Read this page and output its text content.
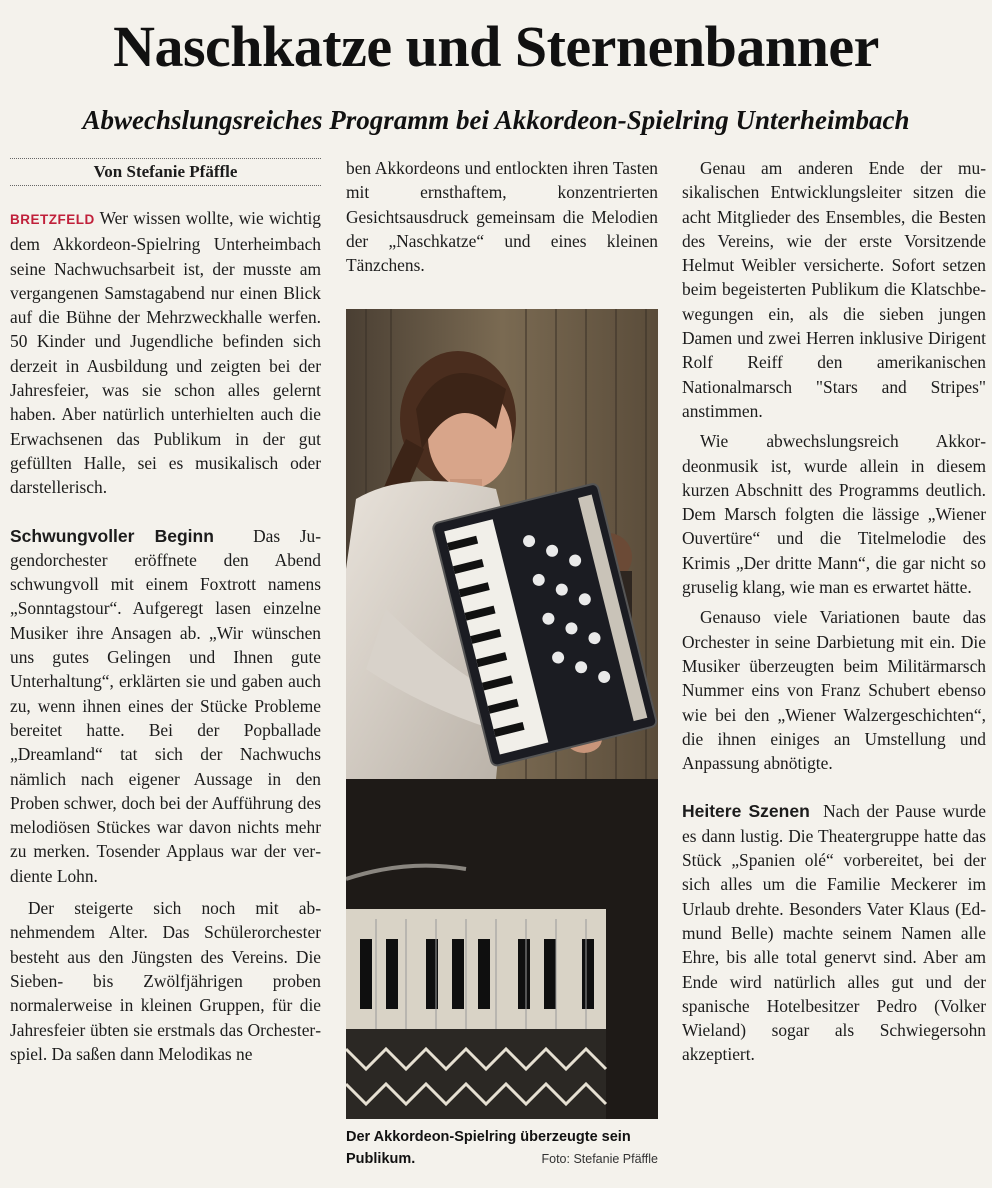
Naschkatze und Sternenbanner
Abwechslungsreiches Programm bei Akkordeon-Spielring Unterheimbach
Von Stefanie Pfäffle

BRETZFELD Wer wissen wollte, wie wichtig dem Akkordeon-Spielring Unterheimbach seine Nachwuchsarbeit ist, der musste am vergangenen Samstagabend nur einen Blick auf die Bühne der Mehrzweckhalle werfen. 50 Kinder und Jugendliche befinden sich derzeit in Ausbildung und zeigten bei der Jahresfeier, was sie schon alles gelernt haben. Aber natürlich unterhielten auch die Erwachsenen das Publikum in der gut gefüllten Halle, sei es musikalisch oder darstellerisch.

Schwungvoller Beginn Das Jugendorchester eröffnete den Abend schwungvoll mit einem Foxtrott namens „Sonntagstour“. Aufgeregt lasen einzelne Musiker ihre Ansagen ab. „Wir wünschen uns gutes Gelingen und Ihnen gute Unterhaltung“, erklärten sie und gaben auch zu, wenn ihnen eines der Stücke Probleme bereitet hatte. Bei der Popballade „Dreamland“ tat sich der Nachwuchs nämlich nach eigener Aussage in den Proben schwer, doch bei der Aufführung des melodiösen Stückes war davon nichts mehr zu merken. Tosender Applaus war der verdiente Lohn.

Der steigerte sich noch mit abnehmendem Alter. Das Schülerorchester besteht aus den Jüngsten des Vereins. Die Sieben- bis Zwölfjährigen proben normalerweise in kleinen Gruppen, für die Jahresfeier übten sie erstmals das Orchesterspiel. Da saßen dann Melodikas ne

ben Akkordeons und entlockten ihren Tasten mit ernsthaftem, konzentrierten Gesichtsausdruck gemeinsam die Melodien der „Naschkatze“ und eines kleinen Tänzchens.

Der Akkordeon-Spielring überzeugte sein Publikum.	Foto: Stefanie Pfäffle

Genau am anderen Ende der musikalischen Entwicklungsleiter sitzen die acht Mitglieder des Ensembles, die Besten des Vereins, wie der erste Vorsitzende Helmut Weibler versicherte. Sofort setzen beim begeisterten Publikum die Klatschbewegungen ein, als die sieben jungen Damen und zwei Herren inklusive Dirigent Rolf Reiff den amerikanischen Nationalmarsch "Stars and Stripes" anstimmen.

Wie abwechslungsreich Akkordeonmusik ist, wurde allein in diesem kurzen Abschnitt des Programms deutlich. Dem Marsch folgten die lässige „Wiener Ouvertüre“ und die Titelmelodie des Krimis „Der dritte Mann“, die gar nicht so gruselig klang, wie man es erwartet hätte.

Genauso viele Variationen baute das Orchester in seine Darbietung mit ein. Die Musiker überzeugten beim Militärmarsch Nummer eins von Franz Schubert ebenso wie bei den „Wiener Walzergeschichten“, die ihnen einiges an Umstellung und Anpassung abnötigte.

Heitere Szenen Nach der Pause wurde es dann lustig. Die Theatergruppe hatte das Stück „Spanien olé“ vorbereitet, bei der sich alles um die Familie Meckerer im Urlaub drehte. Besonders Vater Klaus (Edmund Belle) machte seinem Namen alle Ehre, bis alle total genervt sind. Aber am Ende wird natürlich alles gut und der spanische Hotelbesitzer Pedro (Volker Wieland) sogar als Schwiegersohn akzeptiert.
